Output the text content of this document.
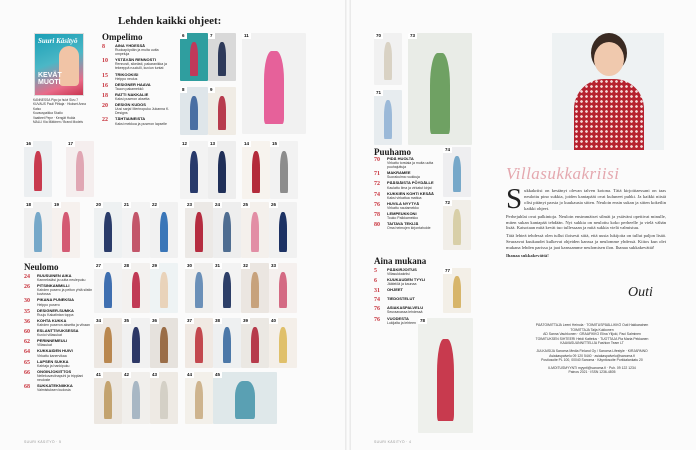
Lehden kaikki ohjeet:
Suuri Käsityö
KEVÄT
MUOTI
KANNESSA Pipo ja huivi Sivu 7
KUVAUS Pauli Pihlaja · Hiukset Anna Kalso
Kuvauspaikka Studio
Vaatteet Pepe · Kengät Hulda
MALLI Kia Mäkinen / Brand Models
Ompelimo
8	AINA YHDESSÄ
Ruokapöydän ja muita uutta ompeluja
10	YSTÄVÄN RENNOSTI
Rennosti, sikeästi, pakaranikka ja tekeeppä ruudulli, kuviun tuntat
15	TRIKOOKISI
Helppo neulus
16	DESIGNER HAAVA
Tauon pakamekkö
18	RATTI NAKKALIE
Kaksi puseron aksetta
20	DESIGN KUDOS
Uusi sarja! Merinopuku Jukanna K. Designs
22	TÄHTIAINEISTA
Kaksi mekkoa ja puseron lapselle
Neulomo
24	RUUSUINEN AIKA
Kanneksiäsi ja uutta neulepuku
26	PITSINKAMMILLI
Kahden pusero ja peiton yhtä siistin kuviossa
30	PIKANA PUNEKSIA
Helppo pusero
35	DESIGNER-SUMKA
Ruuju Kakatintan toppa
36	KOHTA KUKKA
Kahden puseron aksetta ja vihaan
60	ESLANTTIVUKSESSA
Kuvioi villasukat
62	PERINNEMEULI
Villasukat
64	KUKKAIDEN HUIVI
Virkattu kanervikaa
65	LAPSEN SUKKA
Kahtaja ja hankipuku
66	ONGINJOKIITTOS
Neilekuvaviinapuhi ja tripplani neuloste
68	SUKKATEKNIIKKA
Valmistuksen kudosia
6	7	11
8	9
12	13	14	15
16	17
18	19	20	21	22	23	24	25	26
27	28	29	30	31	32	33
34	35	36	37	38	39	40
41	42	43	44	45
SUURI KÄSITYÖ · 5
Puuhamo
70	PIDÄ HUOLTA
Virkattu torstaia ja muita uutta puuhajuttuja
71	MAKRAMEE
Suorakulma ruukkuja
72	PÄÄSIÄISTA PÖYDÄLLE
Kaulattu ilma ja virkatut kirjat
74	KUKKIEN KOHTI KESÄÄ
Kaksi virkattua mattoa
76	HUVILA NYYTYÄ
Virkattu nautamekko
78	LEMPEUKKONI
Touko Palkkamekko
80	TAITAVA TEKIJÄ
Oma heimojen kirjontaholde
Aina mukana
5	PÄÄKIRJOITUS
Villasukkakriisi
6	KUUKAUDEN TYYLI
Jäätelöä ja kaunaa
31	OHJEET
74	TIEDOSTELUT
76	ASIAKASPALVELU
Seuraavassa lehdessä
76	VUODESTA
Lukijalta ja lehteen
70	73
71
74
72
77
78
Villasukkakriisi

Sukkakriisi on kestänyt olevan talven kotona. Tätä kirjoittaessani on taas neulottu pino sukkia, joiden kantapäät ovat kuluneet puhki. Ja kaikki niistä olisi pitänyt parsia jo kuukausia sitten. Neuloin ensin sukan ja sitten kokeilin kaikki ohjeet.

Perhejuhlat ovat palkintoja. Neuloin ensimmäiset silmät ja ystäväni opettivat minulle, miten sukan kantapää tehdään. Nyt sukkia on neulottu koko perheelle ja vielä vähän lisää. Katsotaan mitä kevät tuo tullessaan ja mitä sukkia vielä valmistuu.

Tätä lehteä tehdessä olen tullut iloisesti siitä, että uusia lukijoita on tullut paljon lisää. Seuraavat kuukaudet kulkevat ohjeiden kanssa ja neulomme yhdessä. Kiitos kun olet mukana lehden parissa ja jaat kanssamme neulomisen ilon. Ihanaa sukkakevättä!

Ihanaa sukkakevättä!

Outi
PÄÄTOIMITTAJA Leeni Heinola · TOIMITUSPÄÄLLIKKÖ Outi Hakkarainen
TOIMITTAJA Taija Kukkonen
AD Sanna Vauhkonen · GRAAFIKKO Elina Ylijoki, Paci Salminen
TOIMITUKSEN SIHTEERI Heidi Kattelus · TUOTTAJA Pia Maria Pekkanen
KAAVASUUNNITTELIJA Fashion Team LT
JULKAISIJA Sanoma Media Finland Oy / Sanoma Lifestyle · KIRJAPAINO
Asiakaspalvelu 09 120 5440 · asiakaspalvelu@sanoma.fi
Postiosoite PL 100, 00040 Sanoma · Käyntiosoite Porkkalankatu 20
ILMOITUSMYYNTI myynti@sanoma.fi · Puh. 09 122 1234
Painos 2021 · ISSN 1236-4805
SUURI KÄSITYÖ · 4
